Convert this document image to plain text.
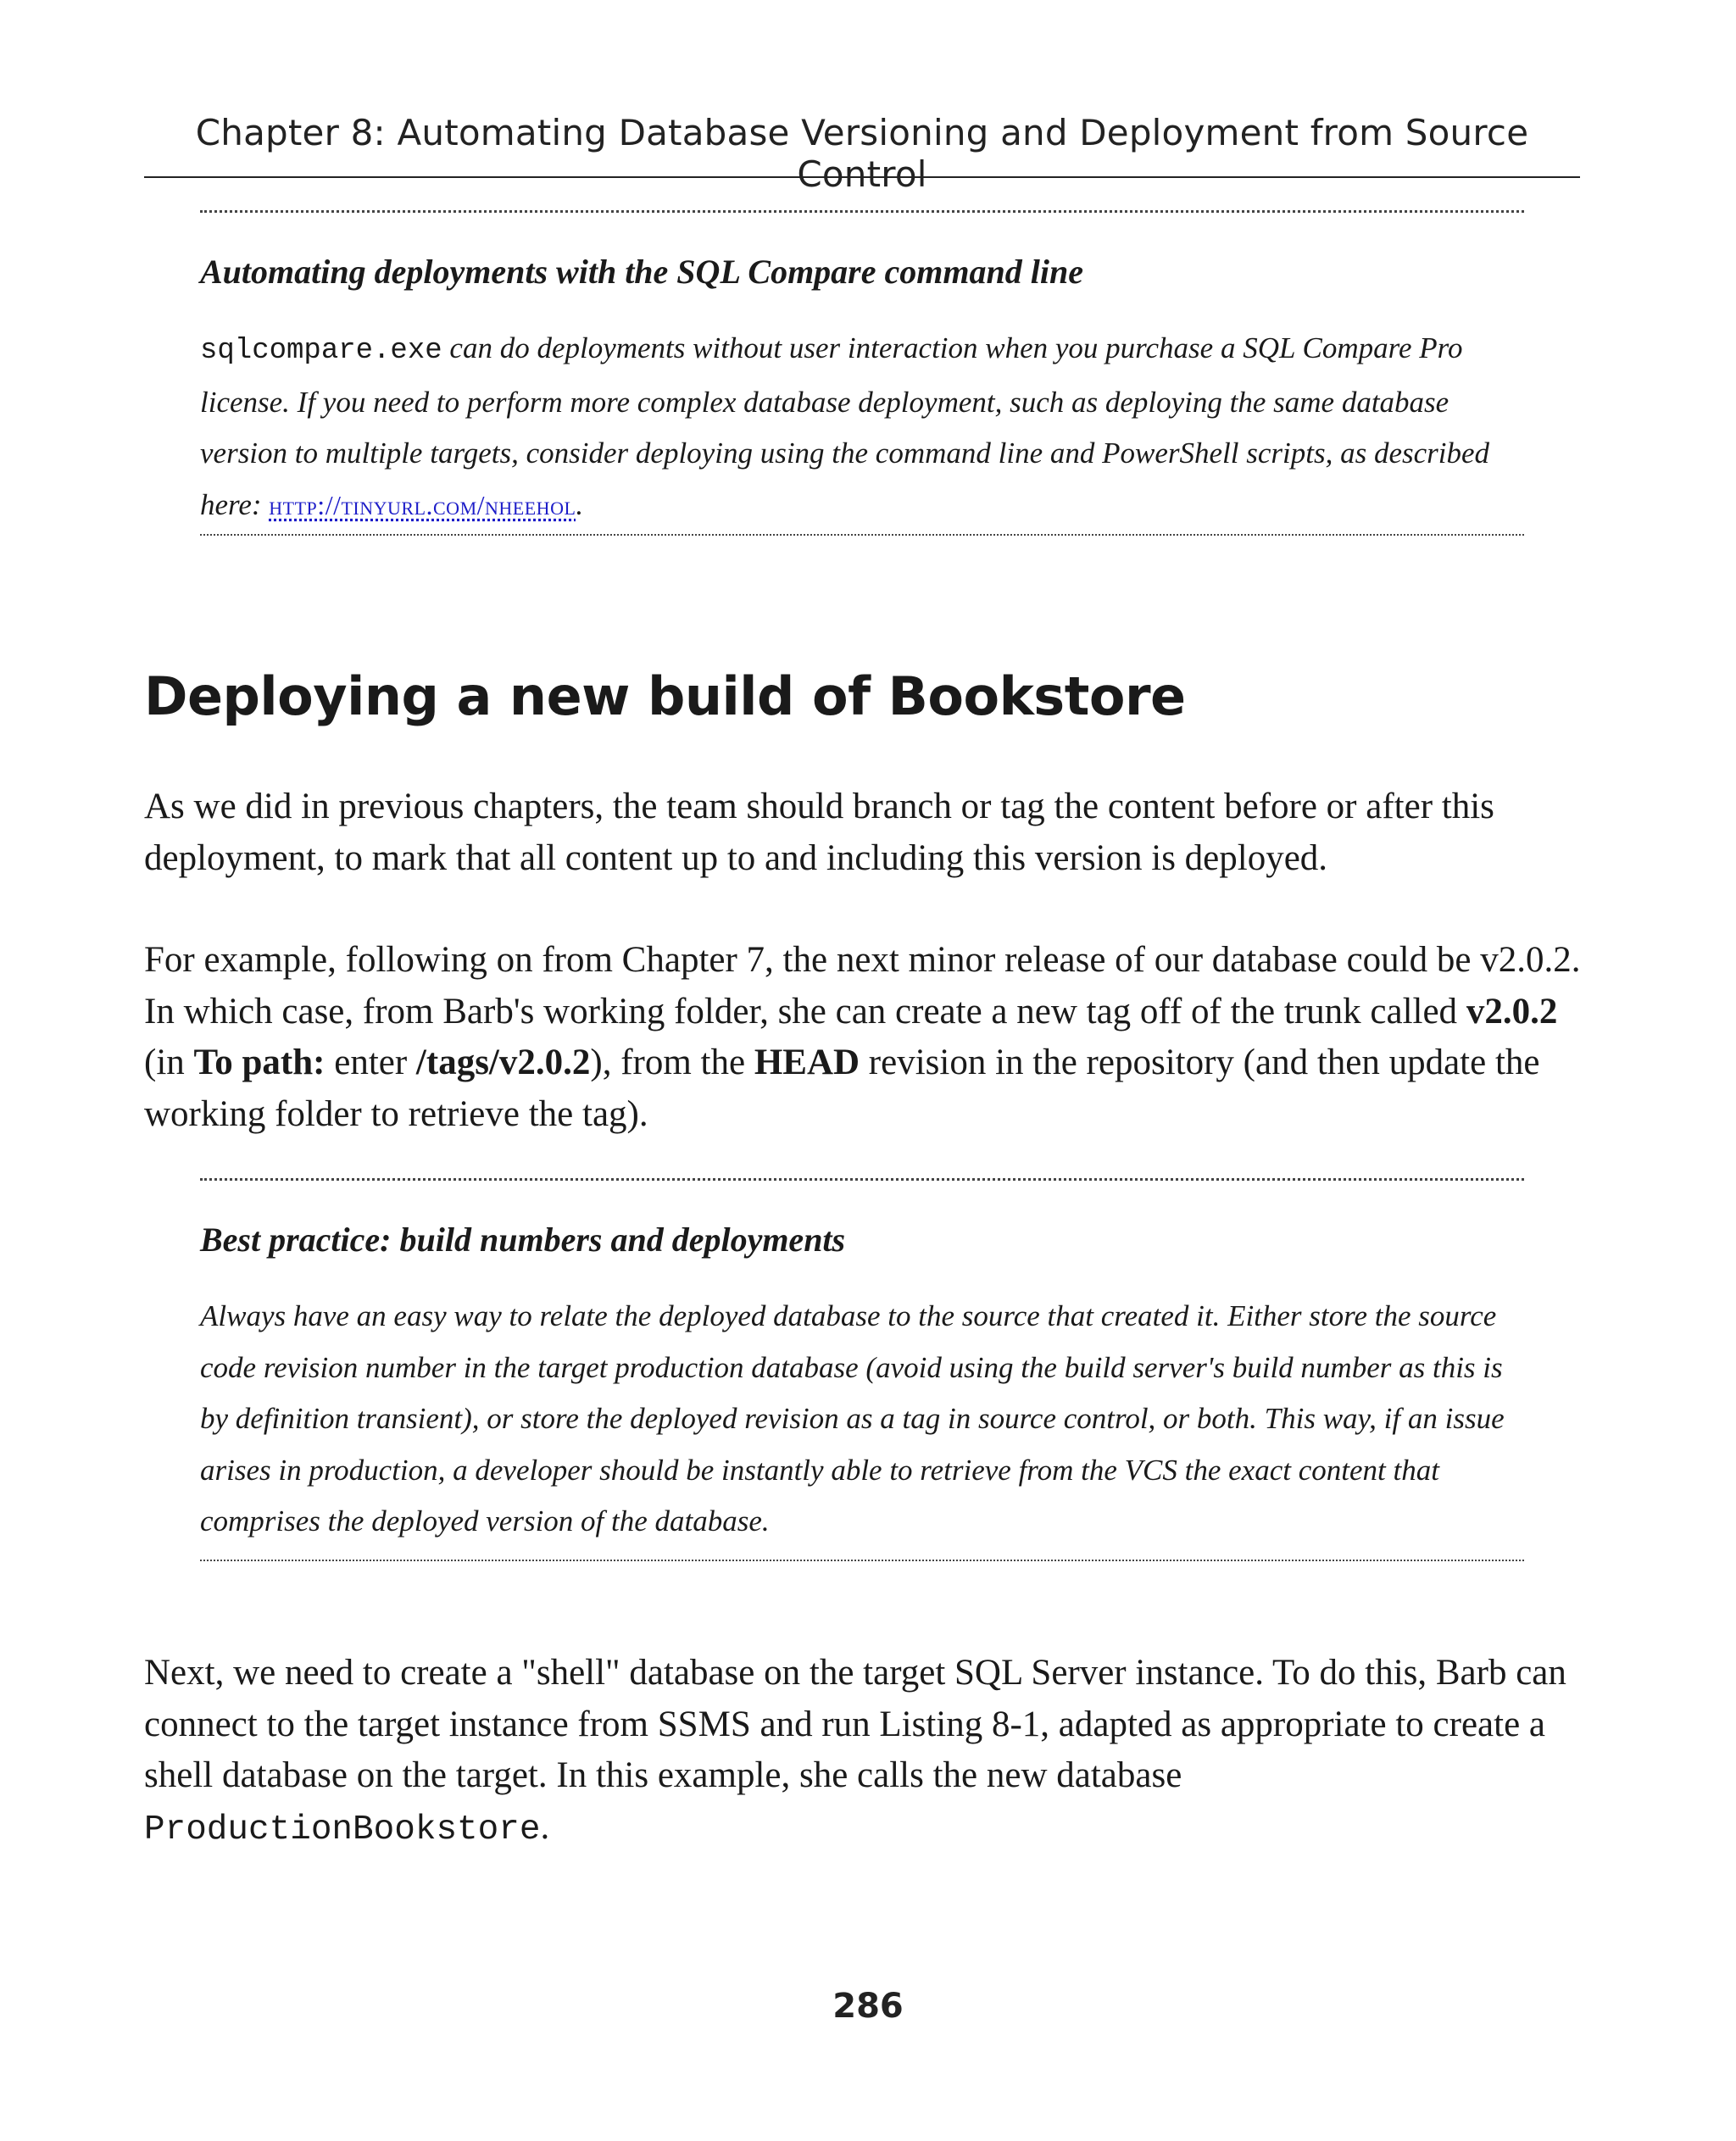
Chapter 8: Automating Database Versioning and Deployment from Source Control

Automating deployments with the SQL Compare command line

sqlcompare.exe can do deployments without user interaction when you purchase a SQL Compare Pro license. If you need to perform more complex database deployment, such as deploying the same database version to multiple targets, consider deploying using the command line and PowerShell scripts, as described here: http://tinyurl.com/nheehol.

Deploying a new build of Bookstore

As we did in previous chapters, the team should branch or tag the content before or after this deployment, to mark that all content up to and including this version is deployed.

For example, following on from Chapter 7, the next minor release of our database could be v2.0.2. In which case, from Barb's working folder, she can create a new tag off of the trunk called v2.0.2 (in To path: enter /tags/v2.0.2), from the HEAD revision in the repository (and then update the working folder to retrieve the tag).

Best practice: build numbers and deployments

Always have an easy way to relate the deployed database to the source that created it. Either store the source code revision number in the target production database (avoid using the build server's build number as this is by definition transient), or store the deployed revision as a tag in source control, or both. This way, if an issue arises in production, a developer should be instantly able to retrieve from the VCS the exact content that comprises the deployed version of the database.

Next, we need to create a "shell" database on the target SQL Server instance. To do this, Barb can connect to the target instance from SSMS and run Listing 8-1, adapted as appropriate to create a shell database on the target. In this example, she calls the new database ProductionBookstore.

286
